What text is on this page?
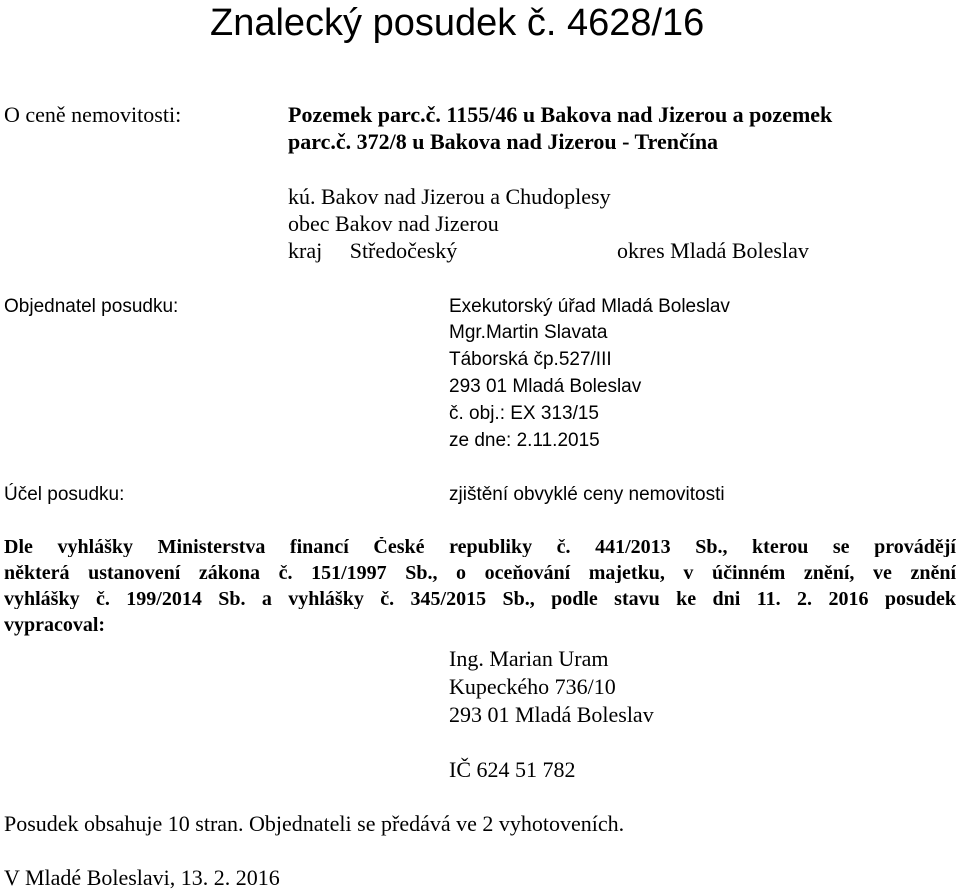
Znalecký posudek č. 4628/16
O ceně nemovitosti:	Pozemek parc.č. 1155/46 u Bakova nad Jizerou a pozemek
parc.č. 372/8 u Bakova nad Jizerou - Trenčína
kú. Bakov nad Jizerou a Chudoplesy
obec Bakov nad Jizerou
kraj     Středočeský	okres Mladá Boleslav
Objednatel posudku:	Exekutorský úřad Mladá Boleslav
Mgr.Martin Slavata
Táborská čp.527/III
293 01 Mladá Boleslav
č. obj.: EX 313/15
ze dne: 2.11.2015
Účel posudku:	zjištění obvyklé ceny nemovitosti
Dle vyhlášky Ministerstva financí České republiky č. 441/2013 Sb., kterou se provádějí
některá ustanovení zákona č. 151/1997 Sb., o oceňování majetku, v účinném znění, ve znění
vyhlášky č. 199/2014 Sb. a vyhlášky č. 345/2015 Sb., podle stavu ke dni 11. 2. 2016 posudek
vypracoval:
Ing. Marian Uram
Kupeckého 736/10
293 01 Mladá Boleslav
IČ 624 51 782
Posudek obsahuje 10 stran. Objednateli se předává ve 2 vyhotoveních.
V Mladé Boleslavi, 13. 2. 2016
